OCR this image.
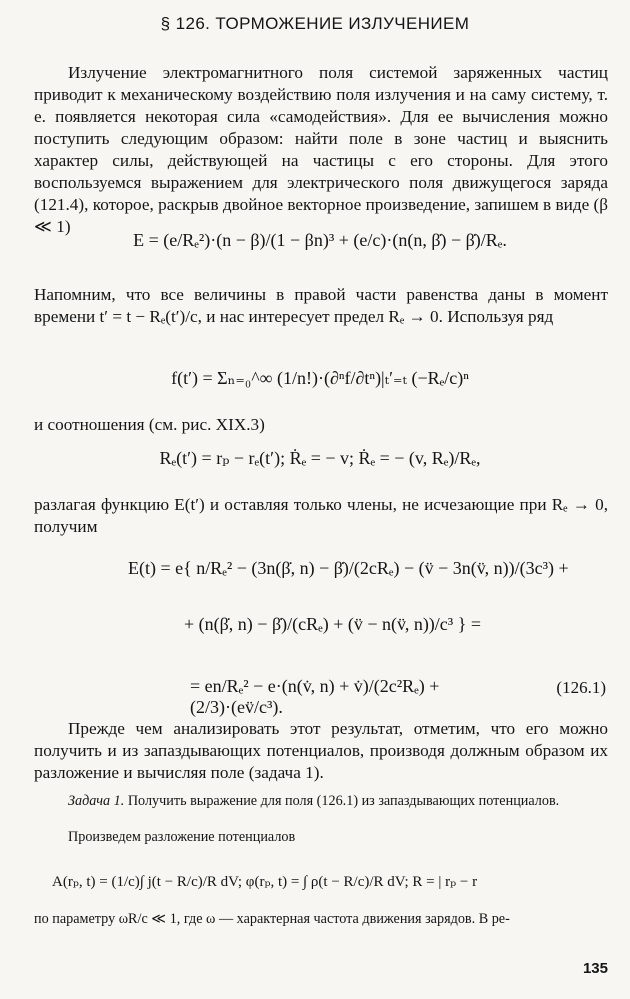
§ 126. ТОРМОЖЕНИЕ ИЗЛУЧЕНИЕМ
Излучение электромагнитного поля системой заряженных частиц приводит к механическому воздействию поля излучения и на саму систему, т. е. появляется некоторая сила «самодействия». Для ее вычисления можно поступить следующим образом: найти поле в зоне частиц и выяснить характер силы, действующей на частицы с его стороны. Для этого воспользуемся выражением для электрического поля движущегося заряда (121.4), которое, раскрыв двойное векторное произведение, запишем в виде (β ≪ 1)
E = (e/Rₑ²)·(n − β)/(1 − βn)³ + (e/c)·(n(n, β̇) − β̇)/Rₑ.
Напомним, что все величины в правой части равенства даны в момент времени t′ = t − Rₑ(t′)/c, и нас интересует предел Rₑ → 0. Используя ряд
f(t′) = Σₙ₌₀^∞ (1/n!)·(∂ⁿf/∂tⁿ)|ₜ′₌ₜ (−Rₑ/c)ⁿ
и соотношения (см. рис. XIX.3)
Rₑ(t′) = rₚ − rₑ(t′); Ṙₑ = − v; Ṙₑ = − (v, Rₑ)/Rₑ,
разлагая функцию E(t′) и оставляя только члены, не исчезающие при Rₑ → 0, получим
E(t) = e{ n/Rₑ² − (3n(β̇, n) − β̇)/(2cRₑ) − (v̈ − 3n(v̈, n))/(3c³) +
+ (n(β̇, n) − β̇)/(cRₑ) + (v̈ − n(v̈, n))/c³ } =
= en/Rₑ² − e·(n(v̇, n) + v̇)/(2c²Rₑ) + (2/3)·(ev̈/c³).
(126.1)
Прежде чем анализировать этот результат, отметим, что его можно получить и из запаздывающих потенциалов, производя должным образом их разложение и вычисляя поле (задача 1).
Задача 1. Получить выражение для поля (126.1) из запаздывающих потенциалов.
Произведем разложение потенциалов
A(rₚ, t) = (1/c)∫ j(t − R/c)/R dV; φ(rₚ, t) = ∫ ρ(t − R/c)/R dV; R = | rₚ − r
по параметру ωR/c ≪ 1, где ω — характерная частота движения зарядов. В ре-
135
